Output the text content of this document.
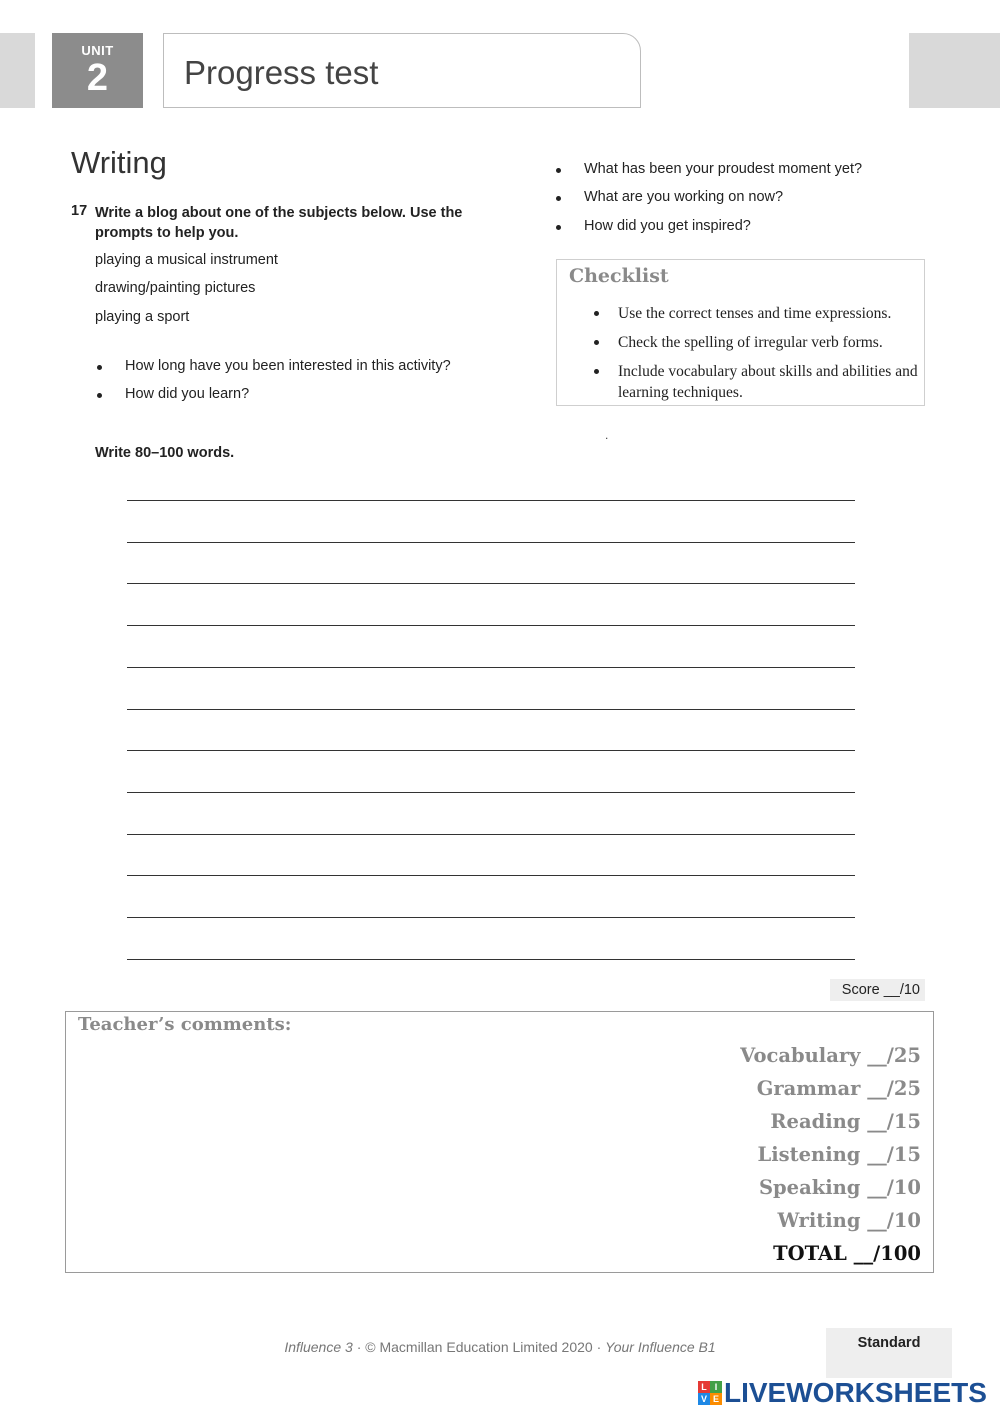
UNIT
2	Progress test
Writing
17 Write a blog about one of the subjects below. Use the prompts to help you.
playing a musical instrument
drawing/painting pictures
playing a sport
How long have you been interested in this activity?
How did you learn?
What has been your proudest moment yet?
What are you working on now?
How did you get inspired?
Checklist
Use the correct tenses and time expressions.
Check the spelling of irregular verb forms.
Include vocabulary about skills and abilities and learning techniques.
.
Write 80–100 words.
Score __/10
Teacher’s comments:
Vocabulary __/25
Grammar __/25
Reading __/15
Listening __/15
Speaking __/10
Writing __/10
TOTAL __/100
Influence 3 · © Macmillan Education Limited 2020 · Your Influence B1	Standard
L I
V E LIVEWORKSHEETS
